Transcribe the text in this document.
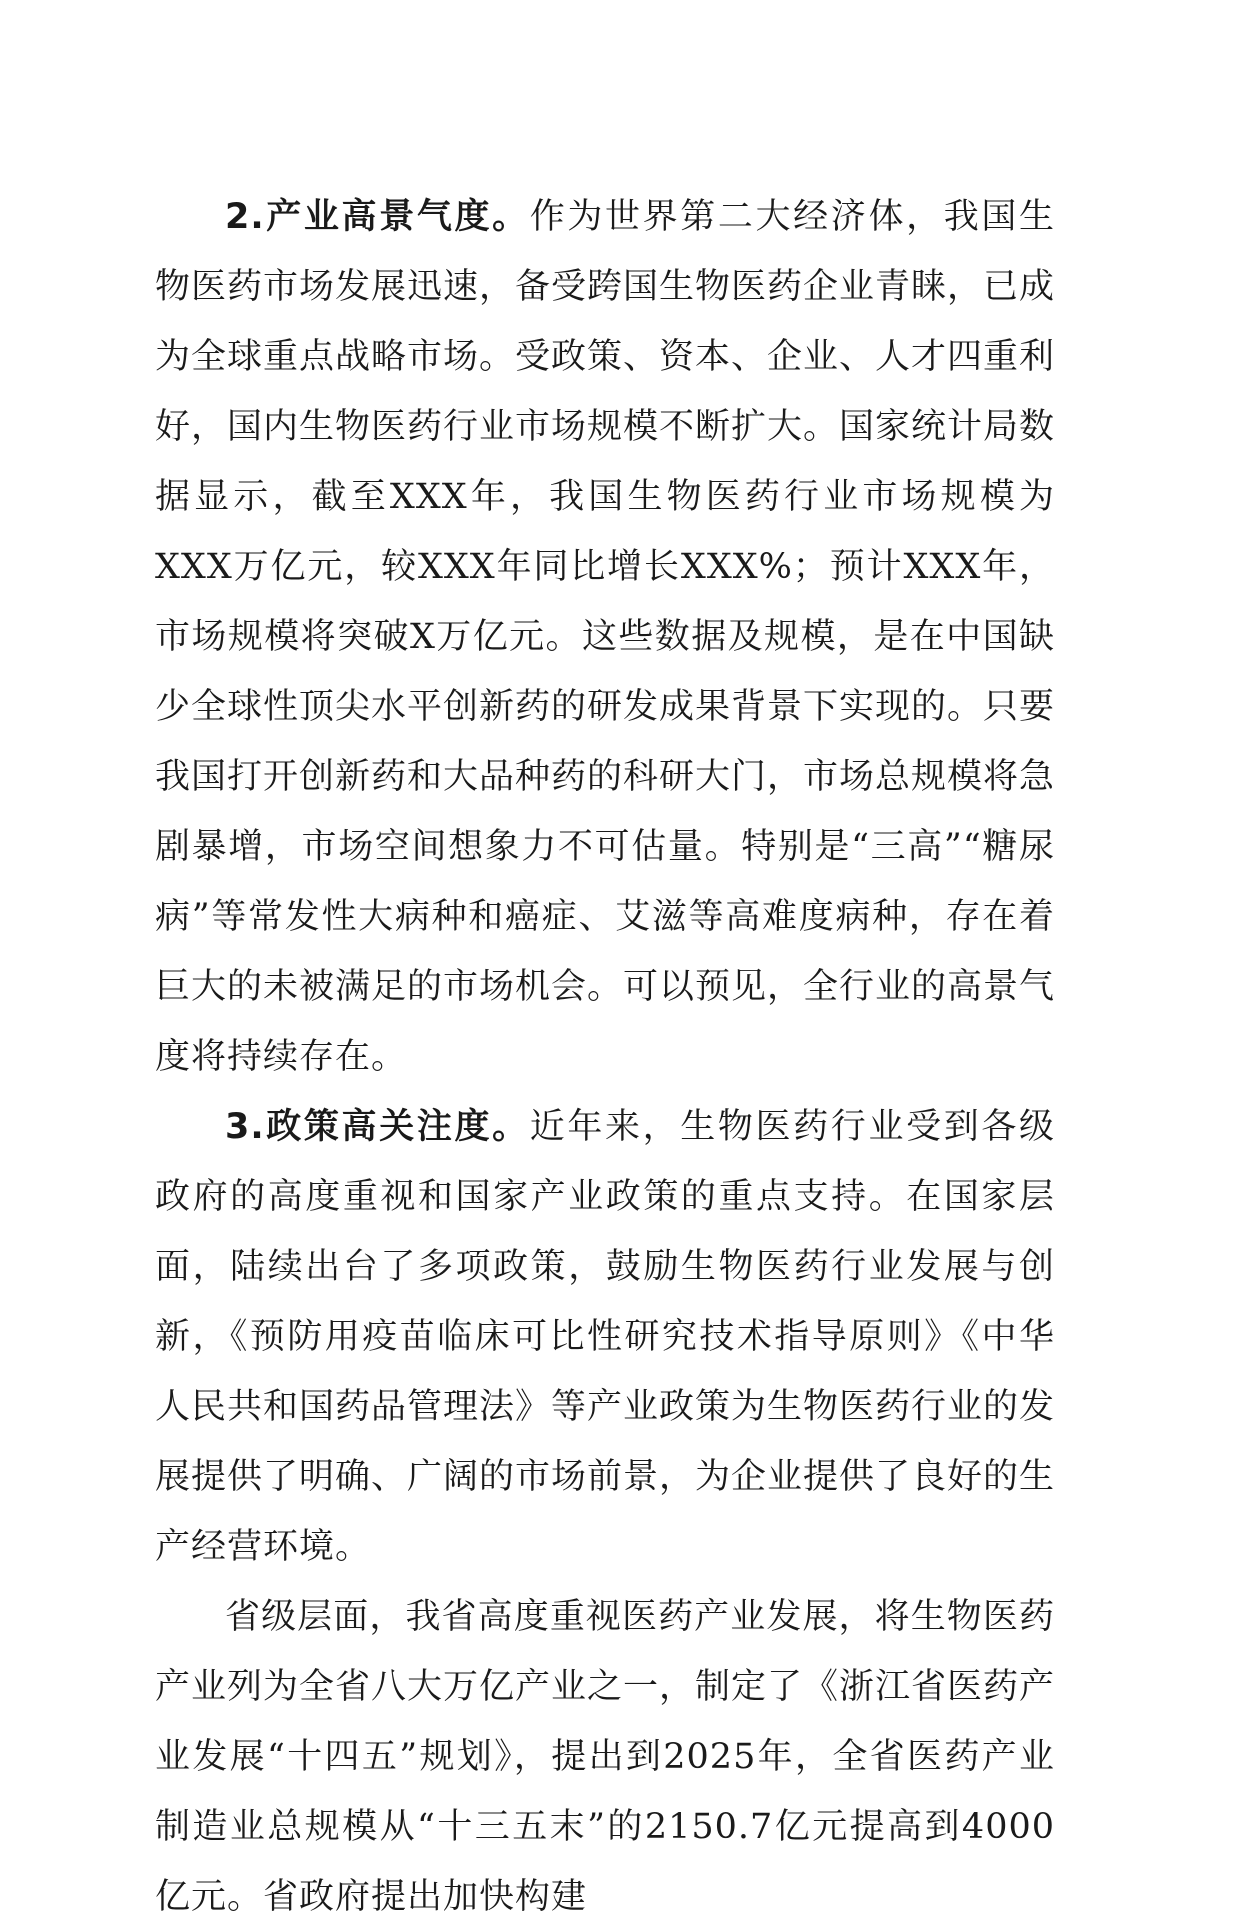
2.产业高景气度。作为世界第二大经济体，我国生物医药市场发展迅速，备受跨国生物医药企业青睐，已成为全球重点战略市场。受政策、资本、企业、人才四重利好，国内生物医药行业市场规模不断扩大。国家统计局数据显示，截至XXX年，我国生物医药行业市场规模为XXX万亿元，较XXX年同比增长XXX%；预计XXX年，市场规模将突破X万亿元。这些数据及规模，是在中国缺少全球性顶尖水平创新药的研发成果背景下实现的。只要我国打开创新药和大品种药的科研大门，市场总规模将急剧暴增，市场空间想象力不可估量。特别是“三高”“糖尿病”等常发性大病种和癌症、艾滋等高难度病种，存在着巨大的未被满足的市场机会。可以预见，全行业的高景气度将持续存在。

3.政策高关注度。近年来，生物医药行业受到各级政府的高度重视和国家产业政策的重点支持。在国家层面，陆续出台了多项政策，鼓励生物医药行业发展与创新，《预防用疫苗临床可比性研究技术指导原则》《中华人民共和国药品管理法》等产业政策为生物医药行业的发展提供了明确、广阔的市场前景，为企业提供了良好的生产经营环境。

省级层面，我省高度重视医药产业发展，将生物医药产业列为全省八大万亿产业之一，制定了《浙江省医药产业发展“十四五”规划》，提出到2025年，全省医药产业制造业总规模从“十三五末”的2150.7亿元提高到4000亿元。省政府提出加快构建
